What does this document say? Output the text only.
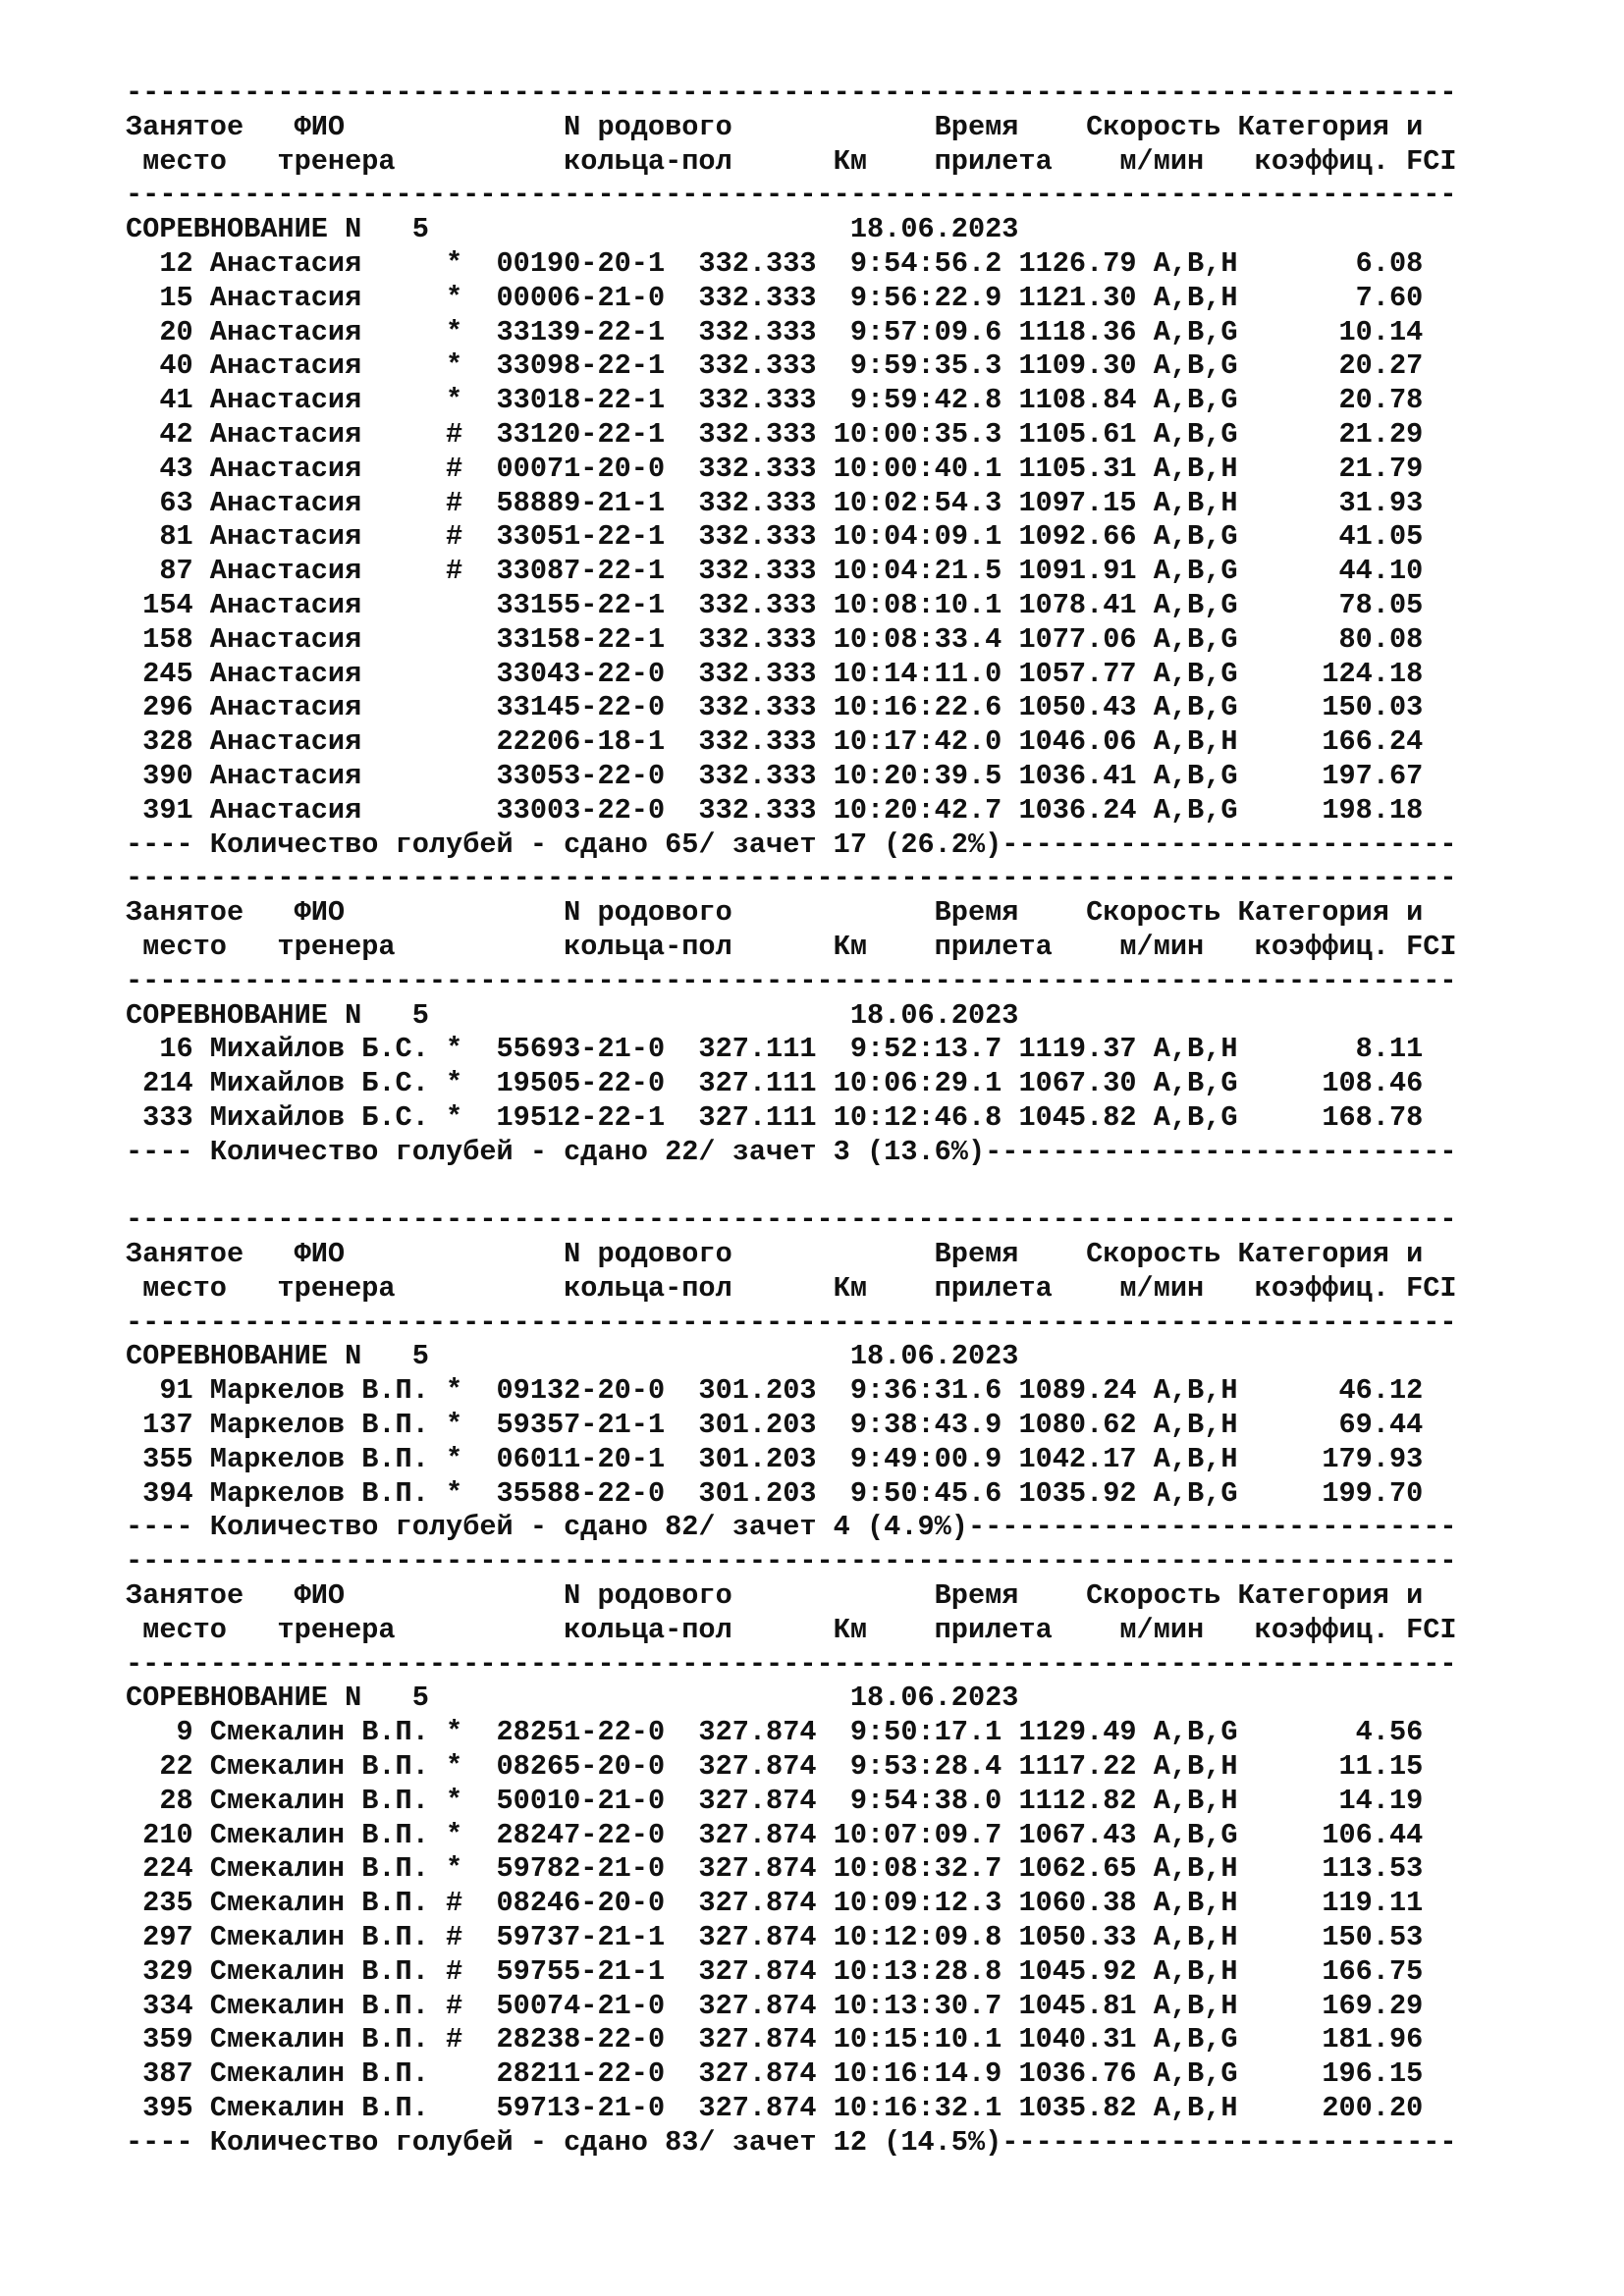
-------------------------------------------------------------------------------
Занятое   ФИО             N родового            Время    Скорость Категория и
место   тренера          кольца-пол      Км    прилета    м/мин   коэффиц. FCI
-------------------------------------------------------------------------------
СОРЕВНОВАНИЕ N   5                         18.06.2023
12 Анастасия     *  00190-20-1  332.333  9:54:56.2 1126.79 A,B,H       6.08
15 Анастасия     *  00006-21-0  332.333  9:56:22.9 1121.30 A,B,H       7.60
20 Анастасия     *  33139-22-1  332.333  9:57:09.6 1118.36 A,B,G      10.14
40 Анастасия     *  33098-22-1  332.333  9:59:35.3 1109.30 A,B,G      20.27
41 Анастасия     *  33018-22-1  332.333  9:59:42.8 1108.84 A,B,G      20.78
42 Анастасия     #  33120-22-1  332.333 10:00:35.3 1105.61 A,B,G      21.29
43 Анастасия     #  00071-20-0  332.333 10:00:40.1 1105.31 A,B,H      21.79
63 Анастасия     #  58889-21-1  332.333 10:02:54.3 1097.15 A,B,H      31.93
81 Анастасия     #  33051-22-1  332.333 10:04:09.1 1092.66 A,B,G      41.05
87 Анастасия     #  33087-22-1  332.333 10:04:21.5 1091.91 A,B,G      44.10
154 Анастасия        33155-22-1  332.333 10:08:10.1 1078.41 A,B,G      78.05
158 Анастасия        33158-22-1  332.333 10:08:33.4 1077.06 A,B,G      80.08
245 Анастасия        33043-22-0  332.333 10:14:11.0 1057.77 A,B,G     124.18
296 Анастасия        33145-22-0  332.333 10:16:22.6 1050.43 A,B,G     150.03
328 Анастасия        22206-18-1  332.333 10:17:42.0 1046.06 A,B,H     166.24
390 Анастасия        33053-22-0  332.333 10:20:39.5 1036.41 A,B,G     197.67
391 Анастасия        33003-22-0  332.333 10:20:42.7 1036.24 A,B,G     198.18
---- Количество голубей - сдано 65/ зачет 17 (26.2%)---------------------------
-------------------------------------------------------------------------------
Занятое   ФИО             N родового            Время    Скорость Категория и
место   тренера          кольца-пол      Км    прилета    м/мин   коэффиц. FCI
-------------------------------------------------------------------------------
СОРЕВНОВАНИЕ N   5                         18.06.2023
16 Михайлов Б.С. *  55693-21-0  327.111  9:52:13.7 1119.37 A,B,H       8.11
214 Михайлов Б.С. *  19505-22-0  327.111 10:06:29.1 1067.30 A,B,G     108.46
333 Михайлов Б.С. *  19512-22-1  327.111 10:12:46.8 1045.82 A,B,G     168.78
---- Количество голубей - сдано 22/ зачет 3 (13.6%)----------------------------
-------------------------------------------------------------------------------
Занятое   ФИО             N родового            Время    Скорость Категория и
место   тренера          кольца-пол      Км    прилета    м/мин   коэффиц. FCI
-------------------------------------------------------------------------------
СОРЕВНОВАНИЕ N   5                         18.06.2023
91 Маркелов В.П. *  09132-20-0  301.203  9:36:31.6 1089.24 A,B,H      46.12
137 Маркелов В.П. *  59357-21-1  301.203  9:38:43.9 1080.62 A,B,H      69.44
355 Маркелов В.П. *  06011-20-1  301.203  9:49:00.9 1042.17 A,B,H     179.93
394 Маркелов В.П. *  35588-22-0  301.203  9:50:45.6 1035.92 A,B,G     199.70
---- Количество голубей - сдано 82/ зачет 4 (4.9%)-----------------------------
-------------------------------------------------------------------------------
Занятое   ФИО             N родового            Время    Скорость Категория и
место   тренера          кольца-пол      Км    прилета    м/мин   коэффиц. FCI
-------------------------------------------------------------------------------
СОРЕВНОВАНИЕ N   5                         18.06.2023
9 Смекалин В.П. *  28251-22-0  327.874  9:50:17.1 1129.49 A,B,G       4.56
22 Смекалин В.П. *  08265-20-0  327.874  9:53:28.4 1117.22 A,B,H      11.15
28 Смекалин В.П. *  50010-21-0  327.874  9:54:38.0 1112.82 A,B,H      14.19
210 Смекалин В.П. *  28247-22-0  327.874 10:07:09.7 1067.43 A,B,G     106.44
224 Смекалин В.П. *  59782-21-0  327.874 10:08:32.7 1062.65 A,B,H     113.53
235 Смекалин В.П. #  08246-20-0  327.874 10:09:12.3 1060.38 A,B,H     119.11
297 Смекалин В.П. #  59737-21-1  327.874 10:12:09.8 1050.33 A,B,H     150.53
329 Смекалин В.П. #  59755-21-1  327.874 10:13:28.8 1045.92 A,B,H     166.75
334 Смекалин В.П. #  50074-21-0  327.874 10:13:30.7 1045.81 A,B,H     169.29
359 Смекалин В.П. #  28238-22-0  327.874 10:15:10.1 1040.31 A,B,G     181.96
387 Смекалин В.П.    28211-22-0  327.874 10:16:14.9 1036.76 A,B,G     196.15
395 Смекалин В.П.    59713-21-0  327.874 10:16:32.1 1035.82 A,B,H     200.20
---- Количество голубей - сдано 83/ зачет 12 (14.5%)---------------------------
